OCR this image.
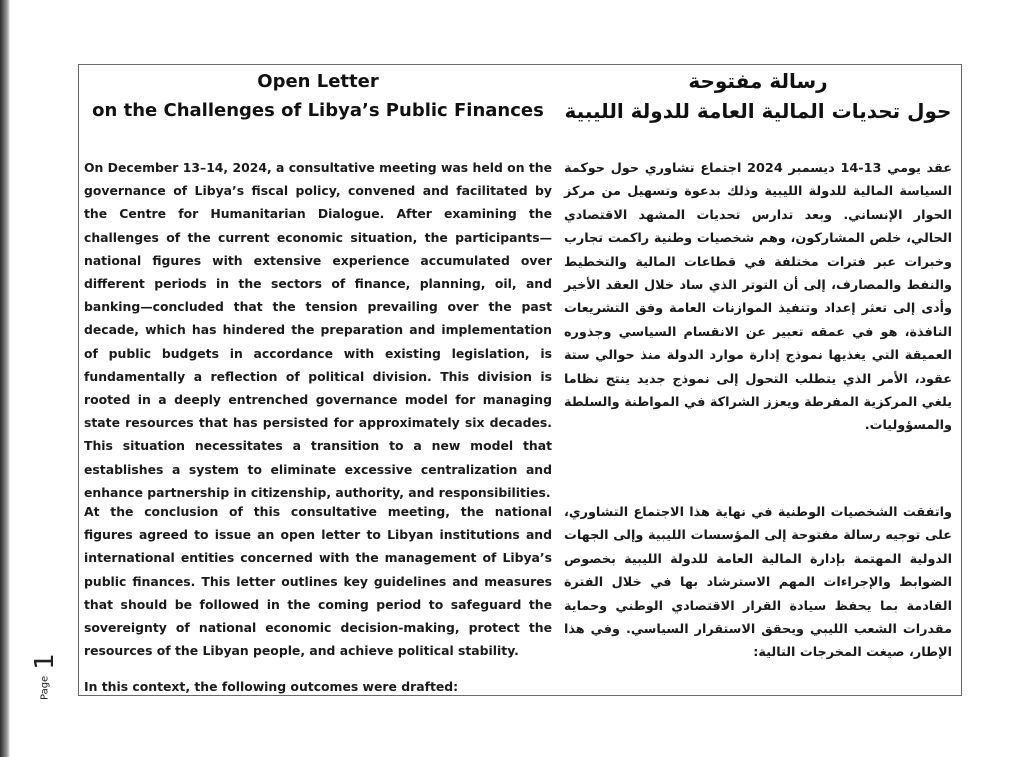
Open Letter
on the Challenges of Libya’s Public Finances
رسالة مفتوحة
حول تحديات المالية العامة للدولة الليبية
On December 13–14, 2024, a consultative meeting was held on the governance of Libya’s fiscal policy, convened and facilitated by the Centre for Humanitarian Dialogue. After examining the challenges of the current economic situation, the participants—national figures with extensive experience accumulated over different periods in the sectors of finance, planning, oil, and banking—concluded that the tension prevailing over the past decade, which has hindered the preparation and implementation of public budgets in accordance with existing legislation, is fundamentally a reflection of political division. This division is rooted in a deeply entrenched governance model for managing state resources that has persisted for approximately six decades. This situation necessitates a transition to a new model that establishes a system to eliminate excessive centralization and enhance partnership in citizenship, authority, and responsibilities.
At the conclusion of this consultative meeting, the national figures agreed to issue an open letter to Libyan institutions and international entities concerned with the management of Libya’s public finances. This letter outlines key guidelines and measures that should be followed in the coming period to safeguard the sovereignty of national economic decision-making, protect the resources of the Libyan people, and achieve political stability.
In this context, the following outcomes were drafted:
عقد يومي 13-14 ديسمبر 2024 اجتماع تشاوري حول حوكمة السياسة المالية للدولة الليبية وذلك بدعوة وتسهيل من مركز الحوار الإنساني. وبعد تدارس تحديات المشهد الاقتصادي الحالي، خلص المشاركون، وهم شخصيات وطنية راكمت تجارب وخبرات عبر فترات مختلفة في قطاعات المالية والتخطيط والنفط والمصارف، إلى أن التوتر الذي ساد خلال العقد الأخير وأدى إلى تعثر إعداد وتنفيذ الموازنات العامة وفق التشريعات النافذة، هو في عمقه تعبير عن الانقسام السياسي وجذوره العميقة التي يغذيها نموذج إدارة موارد الدولة منذ حوالي ستة عقود، الأمر الذي يتطلب التحول إلى نموذج جديد ينتج نظاما يلغي المركزية المفرطة ويعزز الشراكة في المواطنة والسلطة والمسؤوليات.
واتفقت الشخصيات الوطنية في نهاية هذا الاجتماع التشاوري، على توجيه رسالة مفتوحة إلى المؤسسات الليبية وإلى الجهات الدولية المهتمة بإدارة المالية العامة للدولة الليبية بخصوص الضوابط والإجراءات المهم الاسترشاد بها في خلال الفترة القادمة بما يحفظ سيادة القرار الاقتصادي الوطني وحماية مقدرات الشعب الليبي ويحقق الاستقرار السياسي. وفي هذا الإطار، صيغت المخرجات التالية:
Page1
